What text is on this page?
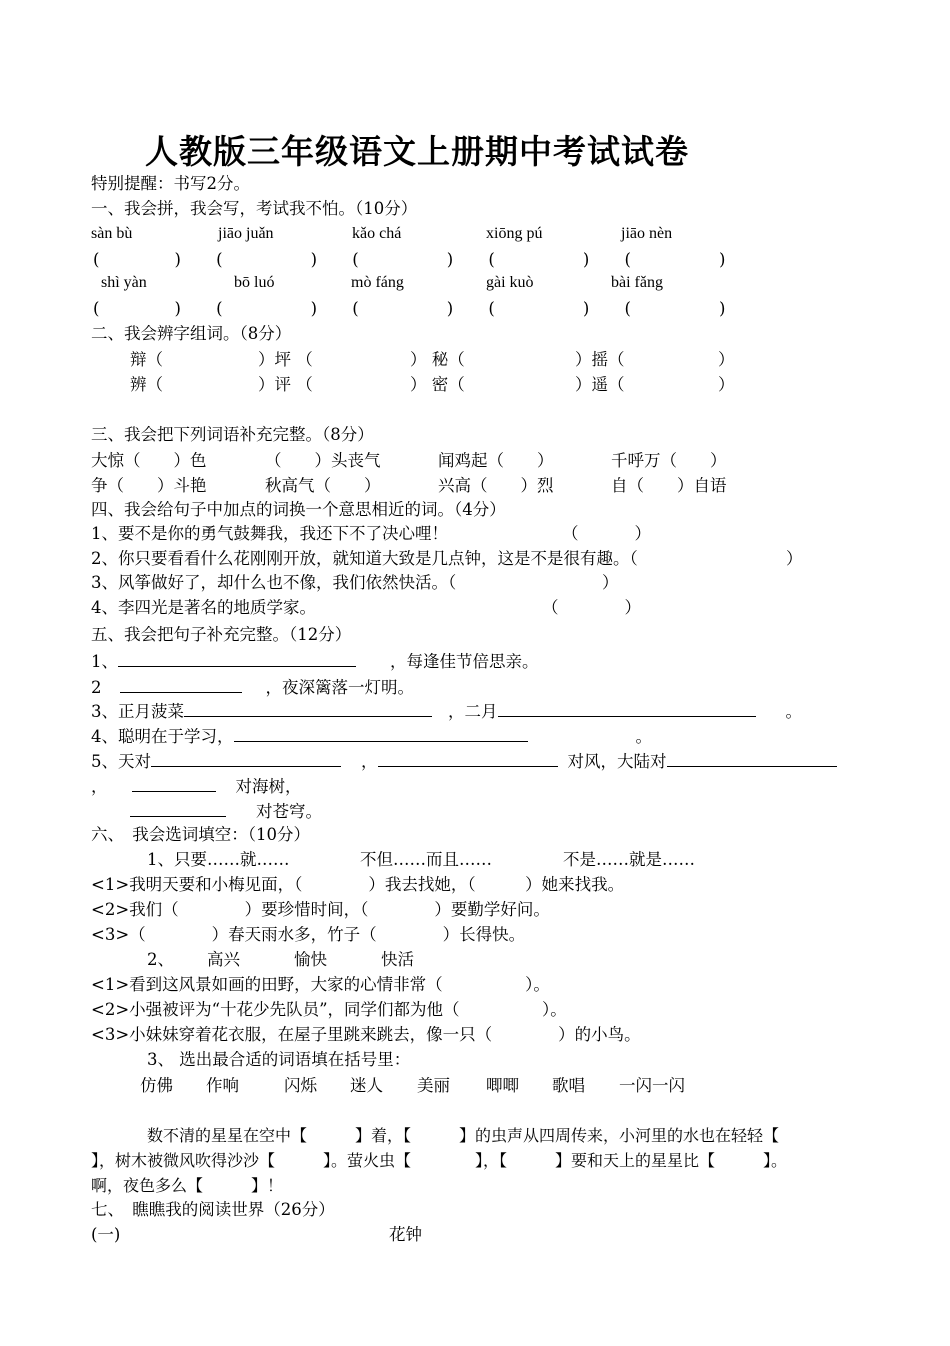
人教版三年级语文上册期中考试试卷
特别提醒：书写2分。
一、我会拼，我会写，考试我不怕。（10分）
sàn bù	jiāo juǎn	kǎo chá	xiōng pú	jiāo nèn
(	) (	) (	) (	) (	)
shì yàn	bō luó	mò fáng	gài kuò	bài fǎng
(	) (	) (	) (	) (	)
二、我会辨字组词。（8分）
辩（	）坪 （	） 秘（	）摇（	）
辨（	）评 （	） 密（	）遥（	）
三、我会把下列词语补充完整。（8分）
大惊（　　）色	（　　）头丧气	闻鸡起（　　）	千呼万（　　）
争（　　）斗艳	秋高气（　　）	兴高（　　）烈	自（　　）自语
四、我会给句子中加点的词换一个意思相近的词。（4分）
1、要不是你的勇气鼓舞我，我还下不了决心哩！	（	）
2、你只要看看什么花刚刚开放，就知道大致是几点钟，这是不是很有趣。（	）
3、风筝做好了，却什么也不像，我们依然快活。（	）
4、李四光是著名的地质学家。	（	）
五、我会把句子补充完整。（12分）
1、	，每逢佳节倍思亲。
2	，夜深篱落一灯明。
3、正月菠菜	，二月	。
4、聪明在于学习，	。
5、天对	，	对风，大陆对
，	对海树，
对苍穹。
六、　我会选词填空：（10分）
1、只要……就……	不但……而且……	不是……就是……
<1>我明天要和小梅见面，（　　　　）我去找她，（　　　）她来找我。
<2>我们（　　　　）要珍惜时间，（　　　　）要勤学好问。
<3>（　　　　）春天雨水多，竹子（　　　　）长得快。
2、 高兴	愉快	快活
<1>看到这风景如画的田野，大家的心情非常（　　　　　）。
<2>小强被评为“十花少先队员”，同学们都为他（　　　　　）。
<3>小妹妹穿着花衣服，在屋子里跳来跳去，像一只（　　　　）的小鸟。
3、 选出最合适的词语填在括号里：
仿佛 作响	闪烁 迷人 美丽 唧唧 歌唱 一闪一闪
数不清的星星在空中【　　　】着，【　　　】的虫声从四周传来，小河里的水也在轻轻【
】，树木被微风吹得沙沙【　　　】。萤火虫【　　　　】，【　　　】要和天上的星星比【　　　】。
啊，夜色多么【　　　】！
七、　瞧瞧我的阅读世界（26分）
(一)	花钟
